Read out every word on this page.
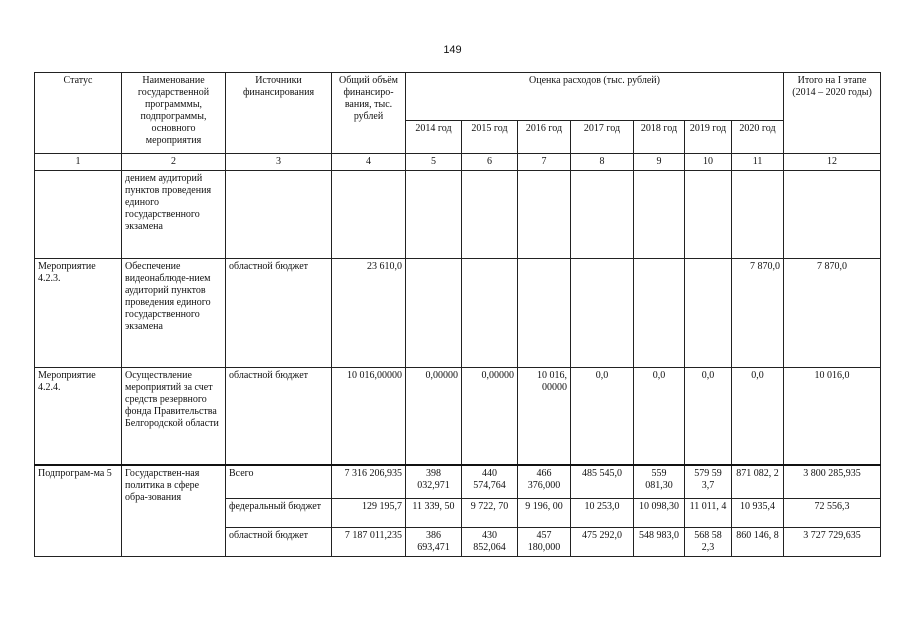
149
Статус	Наименование государственной программмы, подпрограммы, основного мероприятия	Источники финансирования	Общий объём финансиро-вания, тыс. рублей	Оценка расходов (тыс. рублей)							Итого на I этапе (2014 – 2020 годы)
				2014 год	2015 год	2016 год	2017 год	2018 год	2019 год	2020 год	
1	2	3	4	5	6	7	8	9	10	11	12
	дением аудиторий пунктов проведения единого государственного экзамена										
Мероприятие 4.2.3.	Обеспечение видеонаблюде-нием аудиторий пунктов проведения единого государственного экзамена	областной бюджет	23 610,0							7 870,0	7 870,0
Мероприятие 4.2.4.	Осуществление мероприятий за счет средств резервного фонда Правительства Белгородской области	областной бюджет	10 016,00000	0,00000	0,00000	10 016, 00000	0,0	0,0	0,0	0,0	10 016,0
Подпрограм-ма 5	Государствен-ная политика в сфере обра-зования	Всего	7 316 206,935	398 032,971	440 574,764	466 376,000	485 545,0	559 081,30	579 59 3,7	871 082, 2	3 800 285,935
		федеральный бюджет	129 195,7	11 339, 50	9 722, 70	9 196, 00	10 253,0	10 098,30	11 011, 4	10 935,4	72 556,3
		областной бюджет	7 187 011,235	386 693,471	430 852,064	457 180,000	475 292,0	548 983,0	568 58 2,3	860 146, 8	3 727 729,635
